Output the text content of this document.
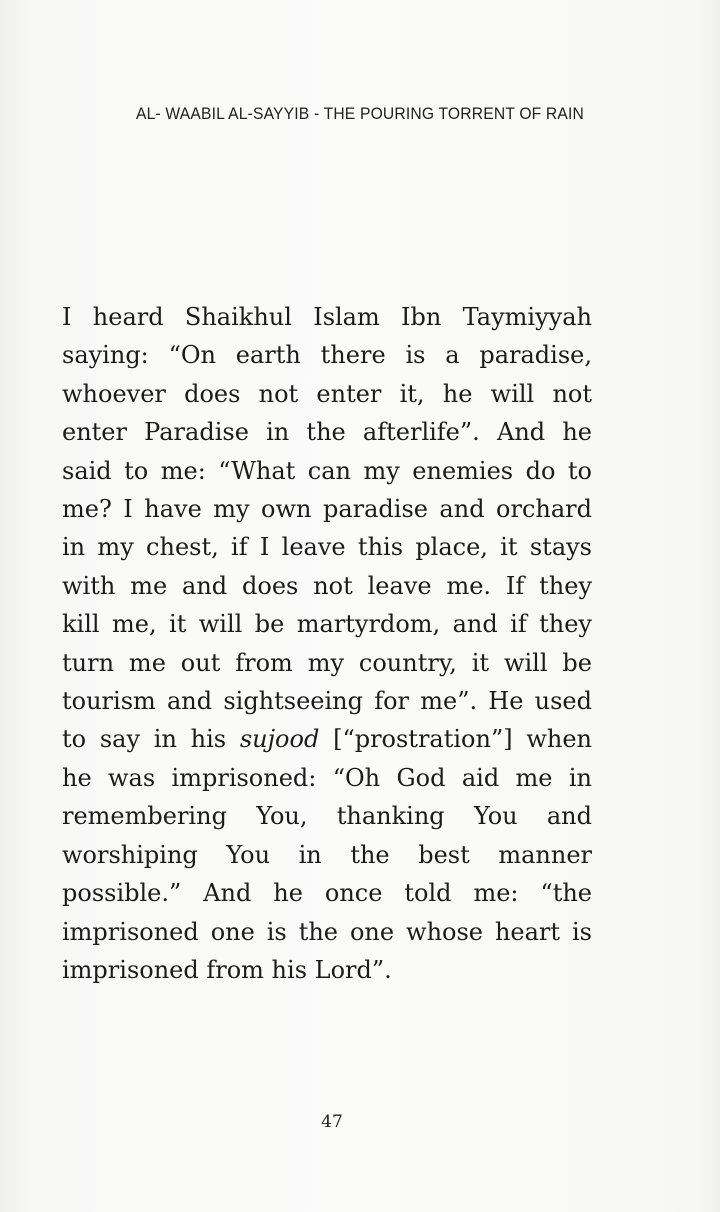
AL- WAABIL AL-SAYYIB - THE POURING TORRENT OF RAIN
I heard Shaikhul Islam Ibn Taymiyyah
saying: “On earth there is a paradise,
whoever does not enter it, he will not
enter Paradise in the afterlife”. And he
said to me: “What can my enemies do to
me? I have my own paradise and orchard
in my chest, if I leave this place, it stays
with me and does not leave me. If they
kill me, it will be martyrdom, and if they
turn me out from my country, it will be
tourism and sightseeing for me”. He used
to say in his sujood [“prostration”] when
he was imprisoned: “Oh God aid me in
remembering You, thanking You and
worshiping You in the best manner
possible.” And he once told me: “the
imprisoned one is the one whose heart is
imprisoned from his Lord”.
47
